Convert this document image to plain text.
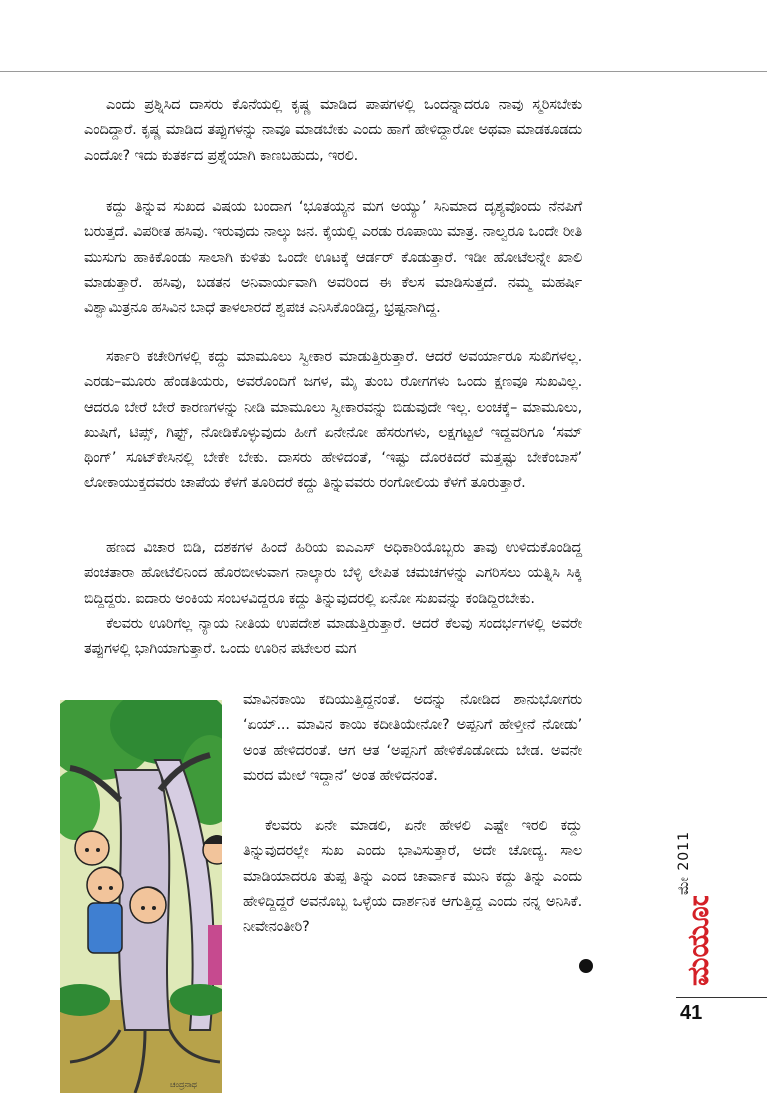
ಎಂದು ಪ್ರಶ್ನಿಸಿದ ದಾಸರು ಕೊನೆಯಲ್ಲಿ ಕೃಷ್ಣ ಮಾಡಿದ ಪಾಪಗಳಲ್ಲಿ ಒಂದನ್ನಾದರೂ ನಾವು ಸ್ಮರಿಸಬೇಕು ಎಂದಿದ್ದಾರೆ. ಕೃಷ್ಣ ಮಾಡಿದ ತಪ್ಪುಗಳನ್ನು ನಾವೂ ಮಾಡಬೇಕು ಎಂದು ಹಾಗೆ ಹೇಳಿದ್ದಾರೋ ಅಥವಾ ಮಾಡಕೂಡದು ಎಂದೋ? ಇದು ಕುತರ್ಕದ ಪ್ರಶ್ನೆಯಾಗಿ ಕಾಣಬಹುದು, ಇರಲಿ.

ಕದ್ದು ತಿನ್ನುವ ಸುಖದ ವಿಷಯ ಬಂದಾಗ ‘ಭೂತಯ್ಯನ ಮಗ ಅಯ್ಯು’ ಸಿನಿಮಾದ ದೃಶ್ಯವೊಂದು ನೆನಪಿಗೆ ಬರುತ್ತದೆ. ವಿಪರೀತ ಹಸಿವು. ಇರುವುದು ನಾಲ್ಕು ಜನ. ಕೈಯಲ್ಲಿ ಎರಡು ರೂಪಾಯಿ ಮಾತ್ರ. ನಾಲ್ವರೂ ಒಂದೇ ರೀತಿ ಮುಸುಗು ಹಾಕಿಕೊಂಡು ಸಾಲಾಗಿ ಕುಳಿತು ಒಂದೇ ಊಟಕ್ಕೆ ಆರ್ಡರ್ ಕೊಡುತ್ತಾರೆ. ಇಡೀ ಹೋಟೆಲನ್ನೇ ಖಾಲಿ ಮಾಡುತ್ತಾರೆ. ಹಸಿವು, ಬಡತನ ಅನಿವಾರ್ಯವಾಗಿ ಅವರಿಂದ ಈ ಕೆಲಸ ಮಾಡಿಸುತ್ತದೆ. ನಮ್ಮ ಮಹರ್ಷಿ ವಿಶ್ವಾಮಿತ್ರನೂ ಹಸಿವಿನ ಬಾಧೆ ತಾಳಲಾರದೆ ಶ್ವಪಚ ಎನಿಸಿಕೊಂಡಿದ್ದ, ಭ್ರಷ್ಟನಾಗಿದ್ದ.

ಸರ್ಕಾರಿ ಕಚೇರಿಗಳಲ್ಲಿ ಕದ್ದು ಮಾಮೂಲು ಸ್ವೀಕಾರ ಮಾಡುತ್ತಿರುತ್ತಾರೆ. ಆದರೆ ಅವರ್ಯಾರೂ ಸುಖಿಗಳಲ್ಲ. ಎರಡು–ಮೂರು ಹೆಂಡತಿಯರು, ಅವರೊಂದಿಗೆ ಜಗಳ, ಮೈ ತುಂಬ ರೋಗಗಳು ಒಂದು ಕ್ಷಣವೂ ಸುಖವಿಲ್ಲ. ಆದರೂ ಬೇರೆ ಬೇರೆ ಕಾರಣಗಳನ್ನು ನೀಡಿ ಮಾಮೂಲು ಸ್ವೀಕಾರವನ್ನು ಬಿಡುವುದೇ ಇಲ್ಲ. ಲಂಚಕ್ಕೆ– ಮಾಮೂಲು, ಖುಷಿಗೆ, ಟಿಪ್ಸ್, ಗಿಫ್ಟ್, ನೋಡಿಕೊಳ್ಳುವುದು ಹೀಗೆ ಏನೇನೋ ಹೆಸರುಗಳು, ಲಕ್ಷಗಟ್ಟಲೆ ಇದ್ದವರಿಗೂ ‘ಸಮ್ ಥಿಂಗ್’ ಸೂಟ್‌ಕೇಸಿನಲ್ಲಿ ಬೇಕೇ ಬೇಕು. ದಾಸರು ಹೇಳಿದಂತೆ, ‘ಇಷ್ಟು ದೊರಕಿದರೆ ಮತ್ತಷ್ಟು ಬೇಕೆಂಬಾಸೆ’ ಲೋಕಾಯುಕ್ತದವರು ಚಾಪೆಯ ಕೆಳಗೆ ತೂರಿದರೆ ಕದ್ದು ತಿನ್ನುವವರು ರಂಗೋಲಿಯ ಕೆಳಗೆ ತೂರುತ್ತಾರೆ.

ಹಣದ ವಿಚಾರ ಬಿಡಿ, ದಶಕಗಳ ಹಿಂದೆ ಹಿರಿಯ ಐಎಎಸ್ ಅಧಿಕಾರಿಯೊಬ್ಬರು ತಾವು ಉಳಿದುಕೊಂಡಿದ್ದ ಪಂಚತಾರಾ ಹೋಟೆಲಿನಿಂದ ಹೊರಬೀಳುವಾಗ ನಾಲ್ಕಾರು ಬೆಳ್ಳಿ ಲೇಪಿತ ಚಮಚಗಳನ್ನು ಎಗರಿಸಲು ಯತ್ನಿಸಿ ಸಿಕ್ಕಿ ಬಿದ್ದಿದ್ದರು. ಐದಾರು ಅಂಕಿಯ ಸಂಬಳವಿದ್ದರೂ ಕದ್ದು ತಿನ್ನುವುದರಲ್ಲಿ ಏನೋ ಸುಖವನ್ನು ಕಂಡಿದ್ದಿರಬೇಕು.

ಕೆಲವರು ಊರಿಗೆಲ್ಲ ನ್ಯಾಯ ನೀತಿಯ ಉಪದೇಶ ಮಾಡುತ್ತಿರುತ್ತಾರೆ. ಆದರೆ ಕೆಲವು ಸಂದರ್ಭಗಳಲ್ಲಿ ಅವರೇ ತಪ್ಪುಗಳಲ್ಲಿ ಭಾಗಿಯಾಗುತ್ತಾರೆ. ಒಂದು ಊರಿನ ಪಟೇಲರ ಮಗ

ಮಾವಿನಕಾಯಿ ಕದಿಯುತ್ತಿದ್ದನಂತೆ. ಅದನ್ನು ನೋಡಿದ ಶಾನುಭೋಗರು ‘ಏಯ್... ಮಾವಿನ ಕಾಯಿ ಕದೀತಿಯೇನೋ? ಅಪ್ಪನಿಗೆ ಹೇಳ್ತೀನೆ ನೋಡು’ ಅಂತ ಹೇಳಿದರಂತೆ. ಆಗ ಆತ ‘ಅಪ್ಪನಿಗೆ ಹೇಳಿಕೊಡೋದು ಬೇಡ. ಅವನೇ ಮರದ ಮೇಲೆ ಇದ್ದಾನೆ’ ಅಂತ ಹೇಳಿದನಂತೆ.

ಕೆಲವರು ಏನೇ ಮಾಡಲಿ, ಏನೇ ಹೇಳಲಿ ಎಷ್ಟೇ ಇರಲಿ ಕದ್ದು ತಿನ್ನುವುದರಲ್ಲೇ ಸುಖ ಎಂದು ಭಾವಿಸುತ್ತಾರೆ, ಅದೇ ಚೋದ್ಯ. ಸಾಲ ಮಾಡಿಯಾದರೂ ತುಪ್ಪ ತಿನ್ನು ಎಂದ ಚಾರ್ವಾಕ ಮುನಿ ಕದ್ದು ತಿನ್ನು ಎಂದು ಹೇಳಿದ್ದಿದ್ದರೆ ಅವನೊಬ್ಬ ಒಳ್ಳೆಯ ದಾರ್ಶನಿಕ ಆಗುತ್ತಿದ್ದ ಎಂದು ನನ್ನ ಅನಿಸಿಕೆ. ನೀವೇನಂತೀರಿ?

ಚಂದ್ರನಾಥ
ಮೇ 2011
ಮಯೂರ
41
